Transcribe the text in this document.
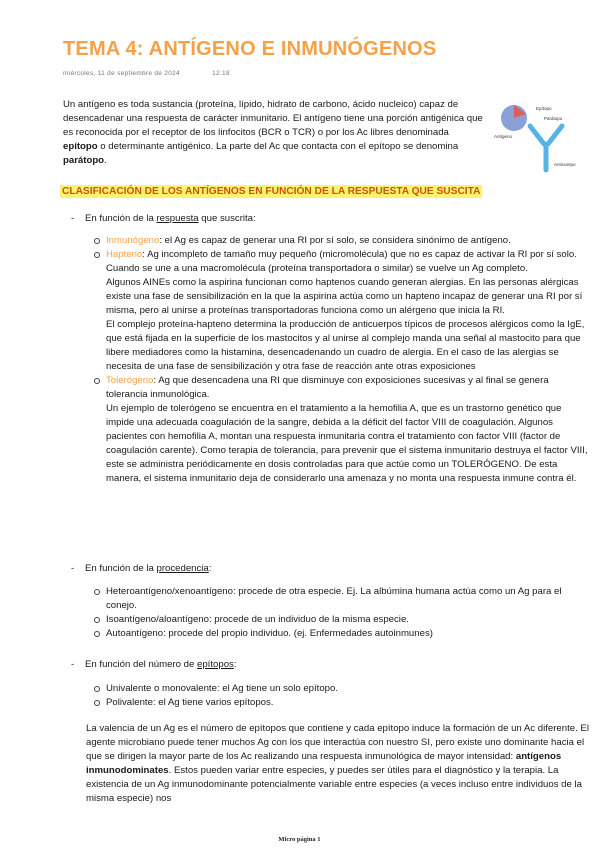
TEMA 4: ANTÍGENO E INMUNÓGENOS
miércoles, 11 de septiembre de 2024	12:18
Un antígeno es toda sustancia (proteína, lípido, hidrato de carbono, ácido nucleico) capaz de desencadenar una respuesta de carácter inmunitario. El antígeno tiene una porción antigénica que es reconocida por el receptor de los linfocitos (BCR o TCR) o por los Ac libres denominada epítopo o determinante antigénico. La parte del Ac que contacta con el epítopo se denomina parátopo.
Epítopo
Parátopo
Antígeno
Anticuerpo
CLASIFICACIÓN DE LOS ANTÍGENOS EN FUNCIÓN DE LA RESPUESTA QUE SUSCITA
- En función de la respuesta que suscrita:
Inmunógeno: el Ag es capaz de generar una RI por sí solo, se considera sinónimo de antígeno.
Hapteno: Ag incompleto de tamaño muy pequeño (micromolécula) que no es capaz de activar la RI por sí solo. Cuando se une a una macromolécula (proteína transportadora o similar) se vuelve un Ag completo.

Algunos AINEs como la aspirina funcionan como haptenos cuando generan alergias. En las personas alérgicas existe una fase de sensibilización en la que la aspirina actúa como un hapteno incapaz de generar una RI por sí misma, pero al unirse a proteínas transportadoras funciona como un alérgeno que inicia la RI.

El complejo proteína-hapteno determina la producción de anticuerpos típicos de procesos alérgicos como la IgE, que está fijada en la superficie de los mastocitos y al unirse al complejo manda una señal al mastocito para que libere mediadores como la histamina, desencadenando un cuadro de alergia. En el caso de las alergias se necesita de una fase de sensibilización y otra fase de reacción ante otras exposiciones

Tolerógeno: Ag que desencadena una RI que disminuye con exposiciones sucesivas y al final se genera tolerancia inmunológica.

Un ejemplo de tolerógeno se encuentra en el tratamiento a la hemofilia A, que es un trastorno genético que impide una adecuada coagulación de la sangre, debida a la déficit del factor VIII de coagulación. Algunos pacientes con hemofilia A, montan una respuesta inmunitaria contra el tratamiento con factor VIII (factor de coagulación carente). Como terapia de tolerancia, para prevenir que el sistema inmunitario destruya el factor VIII, este se administra periódicamente en dosis controladas para que actúe como un TOLERÓGENO. De esta manera, el sistema inmunitario deja de considerarlo una amenaza y no monta una respuesta inmune contra él.

- En función de la procedencia:
Heteroantígeno/xenoantígeno: procede de otra especie. Ej. La albúmina humana actúa como un Ag para el conejo.
Isoantígeno/aloantígeno: procede de un individuo de la misma especie.
Autoantígeno: procede del propio individuo. (ej. Enfermedades autoinmunes)
- En función del número de epítopos:
Univalente o monovalente: el Ag tiene un solo epítopo.
Polivalente: el Ag tiene varios epítopos.
La valencia de un Ag es el número de epítopos que contiene y cada epítopo induce la formación de un Ac diferente. El agente microbiano puede tener muchos Ag con los que interactúa con nuestro SI, pero existe uno dominante hacia el que se dirigen la mayor parte de los Ac realizando una respuesta inmunológica de mayor intensidad: antígenos inmunodominates. Estos pueden variar entre especies, y puedes ser útiles para el diagnóstico y la terapia. La existencia de un Ag inmunodominante potencialmente variable entre especies (a veces incluso entre individuos de la misma especie) nos
Micro página 1
